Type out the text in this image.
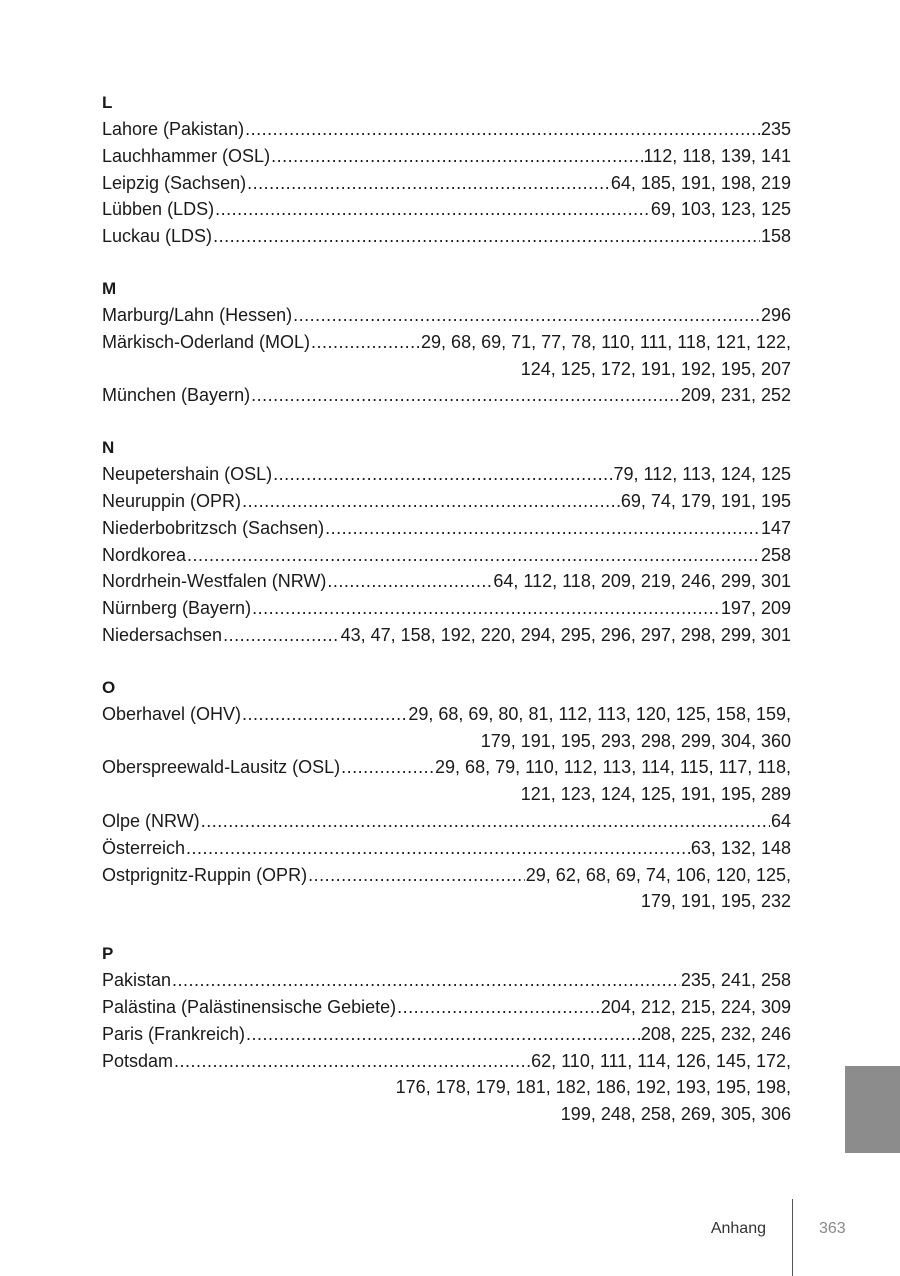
L
Lahore (Pakistan) .....	235
Lauchhammer (OSL) .....	112, 118, 139, 141
Leipzig (Sachsen) .....	64, 185, 191, 198, 219
Lübben (LDS) .....	69, 103, 123, 125
Luckau (LDS) .....	158
M
Marburg/Lahn (Hessen) .....	296
Märkisch-Oderland (MOL) .....	29, 68, 69, 71, 77, 78, 110, 111, 118, 121, 122,
124, 125, 172, 191, 192, 195, 207
München (Bayern) .....	209, 231, 252
N
Neupetershain (OSL) .....	79, 112, 113, 124, 125
Neuruppin (OPR) .....	69, 74, 179, 191, 195
Niederbobritzsch (Sachsen) .....	147
Nordkorea .....	258
Nordrhein-Westfalen (NRW) .....	64, 112, 118, 209, 219, 246, 299, 301
Nürnberg (Bayern) .....	197, 209
Niedersachsen .....	43, 47, 158, 192, 220, 294, 295, 296, 297, 298, 299, 301
O
Oberhavel (OHV) .....	29, 68, 69, 80, 81, 112, 113, 120, 125, 158, 159,
179, 191, 195, 293, 298, 299, 304, 360
Oberspreewald-Lausitz (OSL) .....	29, 68, 79, 110, 112, 113, 114, 115, 117, 118,
121, 123, 124, 125, 191, 195, 289
Olpe (NRW) .....	64
Österreich .....	63, 132, 148
Ostprignitz-Ruppin (OPR) .....	29, 62, 68, 69, 74, 106, 120, 125,
179, 191, 195, 232
P
Pakistan .....	235, 241, 258
Palästina (Palästinensische Gebiete) .....	204, 212, 215, 224, 309
Paris (Frankreich) .....	208, 225, 232, 246
Potsdam .....	62, 110, 111, 114, 126, 145, 172,
176, 178, 179, 181, 182, 186, 192, 193, 195, 198,
199, 248, 258, 269, 305, 306
Anhang	363
